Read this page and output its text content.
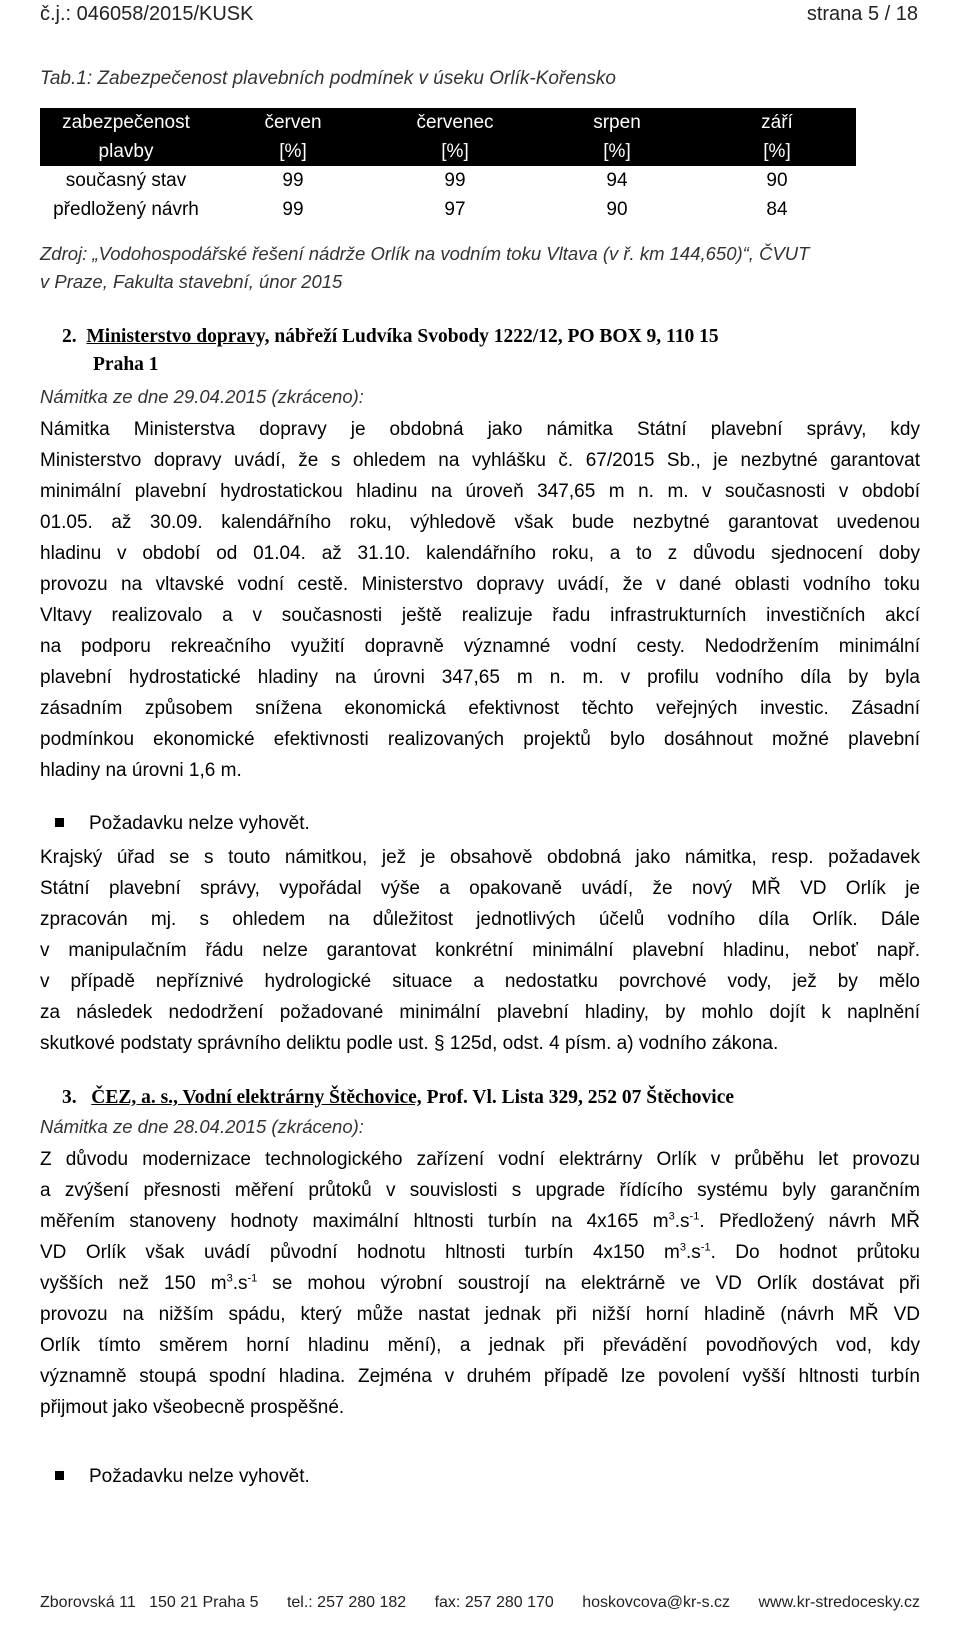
č.j.: 046058/2015/KUSK	strana 5 / 18
Tab.1: Zabezpečenost plavebních podmínek v úseku Orlík-Kořensko
zabezpečenost	červen	červenec	srpen	září
plavby	[%]	[%]	[%]	[%]
současný stav	99	99	94	90
předložený návrh	99	97	90	84
Zdroj: „Vodohospodářské řešení nádrže Orlík na vodním toku Vltava (v ř. km 144,650)“, ČVUT
v Praze, Fakulta stavební, únor 2015
2. Ministerstvo dopravy, nábřeží Ludvíka Svobody 1222/12, PO BOX 9, 110 15
Praha 1
Námitka ze dne 29.04.2015 (zkráceno):
Námitka Ministerstva dopravy je obdobná jako námitka Státní plavební správy, kdy
Ministerstvo dopravy uvádí, že s ohledem na vyhlášku č. 67/2015 Sb., je nezbytné garantovat
minimální plavební hydrostatickou hladinu na úroveň 347,65 m n. m. v současnosti v období
01.05. až 30.09. kalendářního roku, výhledově však bude nezbytné garantovat uvedenou
hladinu v období od 01.04. až 31.10. kalendářního roku, a to z důvodu sjednocení doby
provozu na vltavské vodní cestě. Ministerstvo dopravy uvádí, že v dané oblasti vodního toku
Vltavy realizovalo a v současnosti ještě realizuje řadu infrastrukturních investičních akcí
na podporu rekreačního využití dopravně významné vodní cesty. Nedodržením minimální
plavební hydrostatické hladiny na úrovni 347,65 m n. m. v profilu vodního díla by byla
zásadním způsobem snížena ekonomická efektivnost těchto veřejných investic. Zásadní
podmínkou ekonomické efektivnosti realizovaných projektů bylo dosáhnout možné plavební
hladiny na úrovni 1,6 m.
Požadavku nelze vyhovět.
Krajský úřad se s touto námitkou, jež je obsahově obdobná jako námitka, resp. požadavek
Státní plavební správy, vypořádal výše a opakovaně uvádí, že nový MŘ VD Orlík je
zpracován mj. s ohledem na důležitost jednotlivých účelů vodního díla Orlík. Dále
v manipulačním řádu nelze garantovat konkrétní minimální plavební hladinu, neboť např.
v případě nepříznivé hydrologické situace a nedostatku povrchové vody, jež by mělo
za následek nedodržení požadované minimální plavební hladiny, by mohlo dojít k naplnění
skutkové podstaty správního deliktu podle ust. § 125d, odst. 4 písm. a) vodního zákona.
3. ČEZ, a. s., Vodní elektrárny Štěchovice, Prof. Vl. Lista 329, 252 07 Štěchovice
Námitka ze dne 28.04.2015 (zkráceno):
Z důvodu modernizace technologického zařízení vodní elektrárny Orlík v průběhu let provozu
a zvýšení přesnosti měření průtoků v souvislosti s upgrade řídícího systému byly garančním
měřením stanoveny hodnoty maximální hltnosti turbín na 4x165 $m^3.s^{-1}$. Předložený návrh MŘ
VD Orlík však uvádí původní hodnotu hltnosti turbín 4x150 $m^3.s^{-1}$. Do hodnot průtoku
vyšších než 150 $m^3.s^{-1}$ se mohou výrobní soustrojí na elektrárně ve VD Orlík dostávat při
provozu na nižším spádu, který může nastat jednak při nižší horní hladině (návrh MŘ VD
Orlík tímto směrem horní hladinu mění), a jednak při převádění povodňových vod, kdy
významně stoupá spodní hladina. Zejména v druhém případě lze povolení vyšší hltnosti turbín
přijmout jako všeobecně prospěšné.
Požadavku nelze vyhovět.
Zborovská 11   150 21 Praha 5 tel.: 257 280 182 fax: 257 280 170 hoskovcova@kr-s.cz www.kr-stredocesky.cz
